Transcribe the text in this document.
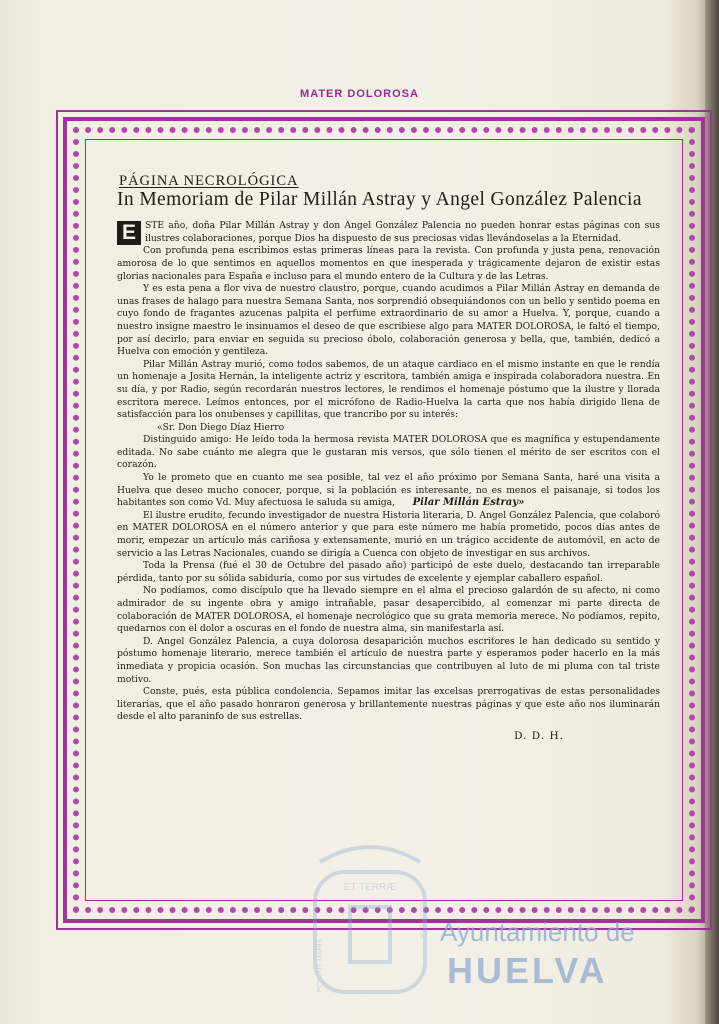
MATER DOLOROSA
PÁGINA NECROLÓGICA
In Memoriam de Pilar Millán Astray y Angel González Palencia

E STE año, doña Pilar Millán Astray y don Angel González Palencia no pueden honrar estas páginas con sus ilustres colaboraciones, porque Dios ha dispuesto de sus preciosas vidas llevándoselas a la Eternidad.

Con profunda pena escribimos estas primeras líneas para la revista. Con profunda y justa pena, renovación amorosa de lo que sentimos en aquellos momentos en que inesperada y trágicamente dejaron de existir estas glorias nacionales para España e incluso para el mundo entero de la Cultura y de las Letras.

Y es esta pena a flor viva de nuestro claustro, porque, cuando acudimos a Pilar Millán Astray en demanda de unas frases de halago para nuestra Semana Santa, nos sorprendió obsequiándonos con un bello y sentido poema en cuyo fondo de fragantes azucenas palpita el perfume extraordinario de su amor a Huelva. Y, porque, cuando a nuestro insigne maestro le insinuamos el deseo de que escribiese algo para MATER DOLOROSA, le faltó el tiempo, por así decirlo, para enviar en seguida su precioso óbolo, colaboración generosa y bella, que, también, dedicó a Huelva con emoción y gentileza.

Pilar Millán Astray murió, como todos sabemos, de un ataque cardiaco en el mismo instante en que le rendía un homenaje a Josita Hernán, la inteligente actriz y escritora, también amiga e inspirada colaboradora nuestra. En su día, y por Radio, según recordarán nuestros lectores, le rendimos el homenaje póstumo que la ilustre y llorada escritora merece. Leímos entonces, por el micrófono de Radio-Huelva la carta que nos había dirigido llena de satisfacción para los onubenses y capillitas, que trancribo por su interés:

«Sr. Don Diego Díaz Hierro

Distinguido amigo: He leído toda la hermosa revista MATER DOLOROSA que es magnífica y estupendamente editada. No sabe cuánto me alegra que le gustaran mis versos, que sólo tienen el mérito de ser escritos con el corazón.

Yo le prometo que en cuanto me sea posible, tal vez el año próximo por Semana Santa, haré una visita a Huelva que deseo mucho conocer, porque, si la población es interesante, no es menos el paisanaje, si todos los habitantes son como Vd. Muy afectuosa le saluda su amiga, Pilar Millán Estray»

El ilustre erudito, fecundo investigador de nuestra Historia literaria, D. Angel González Palencia, que colaboró en MATER DOLOROSA en el número anterior y que para este número me había prometido, pocos días antes de morir, empezar un artículo más cariñosa y extensamente, murió en un trágico accidente de automóvil, en acto de servicio a las Letras Nacionales, cuando se dirigía a Cuenca con objeto de investigar en sus archivos.

Toda la Prensa (fué el 30 de Octubre del pasado año) participó de este duelo, destacando tan irreparable pérdida, tanto por su sólida sabiduría, como por sus virtudes de excelente y ejemplar caballero español.

No podíamos, como discípulo que ha llevado siempre en el alma el precioso galardón de su afecto, ni como admirador de su ingente obra y amigo intrañable, pasar desapercibido, al comenzar mi parte directa de colaboración de MATER DOLOROSA, el homenaje necrológico que su grata memoria merece. No podíamos, repito, quedarnos con el dolor a oscuras en el fondo de nuestra alma, sin manifestarla así.

D. Angel González Palencia, a cuya dolorosa desaparición muchos escritores le han dedicado su sentido y póstumo homenaje literario, merece también el artículo de nuestra parte y esperamos poder hacerlo en la más inmediata y propicia ocasión. Son muchas las circunstancias que contribuyen al luto de mi pluma con tal triste motivo.

Conste, pués, esta pública condolencia. Sepamos imitar las excelsas prerrogativas de estas personalidades literarias, que el año pasado honraron generosa y brillantemente nuestras páginas y que este año nos iluminarán desde el alto paraninfo de sus estrellas.

D. D. H.

ET TERRÆ
PORTUS MARIS
CUSTODIA Ayuntamiento de
HUELVA
